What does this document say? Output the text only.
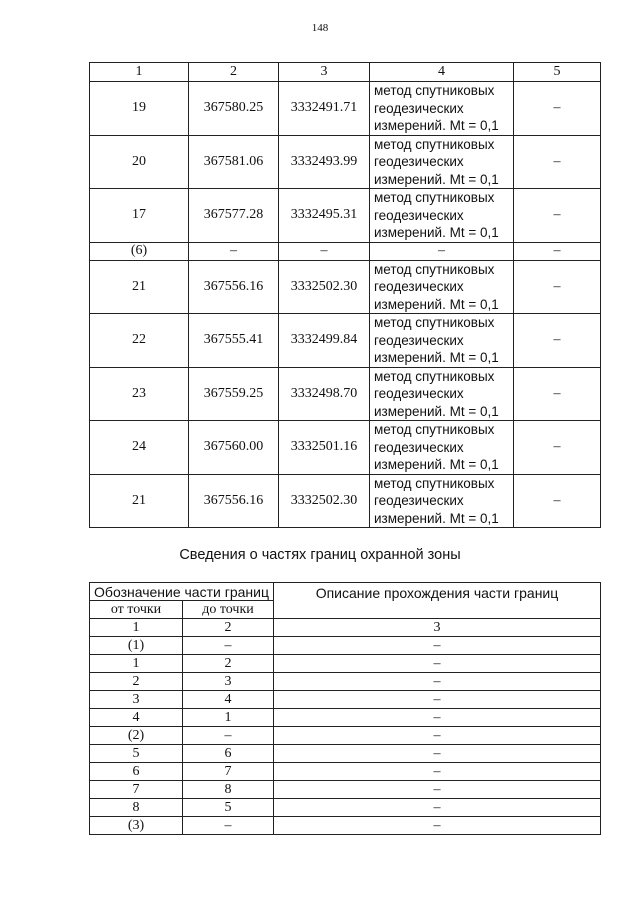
148
1	2	3	4	5
19	367580.25	3332491.71	метод спутниковых
геодезических
измерений. Mt = 0,1	–
20	367581.06	3332493.99	метод спутниковых
геодезических
измерений. Mt = 0,1	–
17	367577.28	3332495.31	метод спутниковых
геодезических
измерений. Mt = 0,1	–
(6)	–	–	–	–
21	367556.16	3332502.30	метод спутниковых
геодезических
измерений. Mt = 0,1	–
22	367555.41	3332499.84	метод спутниковых
геодезических
измерений. Mt = 0,1	–
23	367559.25	3332498.70	метод спутниковых
геодезических
измерений. Mt = 0,1	–
24	367560.00	3332501.16	метод спутниковых
геодезических
измерений. Mt = 0,1	–
21	367556.16	3332502.30	метод спутниковых
геодезических
измерений. Mt = 0,1	–
Сведения о частях границ охранной зоны
Обозначение части границ		Описание прохождения части границ
от точки	до точки	
1	2	3
(1)	–	–
1	2	–
2	3	–
3	4	–
4	1	–
(2)	–	–
5	6	–
6	7	–
7	8	–
8	5	–
(3)	–	–
